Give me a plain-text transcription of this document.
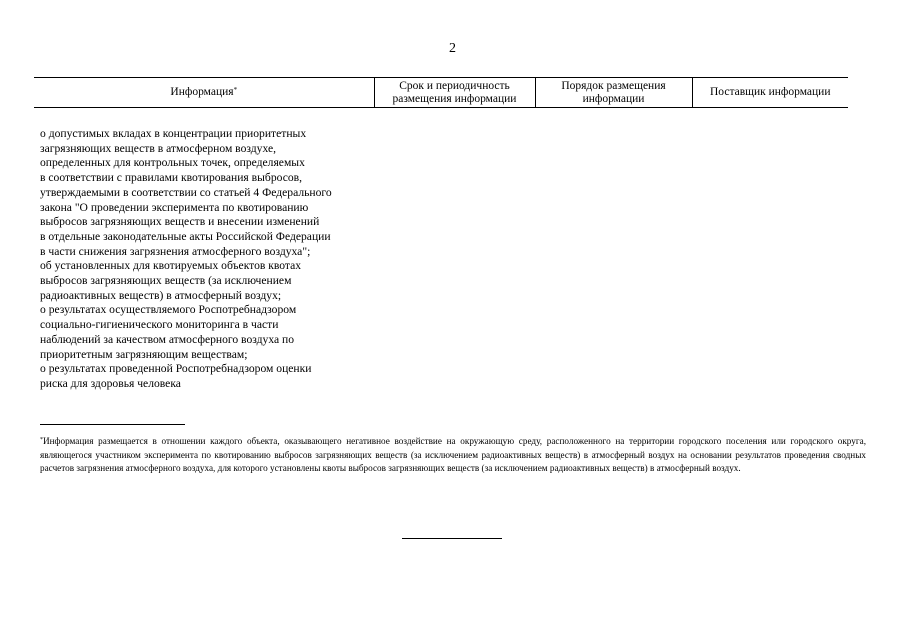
2
Информация*	Срок и периодичность размещения информации	Порядок размещения информации	Поставщик информации
о допустимых вкладах в концентрации приоритетных
загрязняющих веществ в атмосферном воздухе,
определенных для контрольных точек, определяемых
в соответствии с правилами квотирования выбросов,
утверждаемыми в соответствии со статьей 4 Федерального
закона "О проведении эксперимента по квотированию
выбросов загрязняющих веществ и внесении изменений
в отдельные законодательные акты Российской Федерации
в части снижения загрязнения атмосферного воздуха";
об установленных для квотируемых объектов квотах
выбросов загрязняющих веществ (за исключением
радиоактивных веществ) в атмосферный воздух;
о результатах осуществляемого Роспотребнадзором
социально-гигиенического мониторинга в части
наблюдений за качеством атмосферного воздуха по
приоритетным загрязняющим веществам;
о результатах проведенной Роспотребнадзором оценки
риска для здоровья человека
*Информация размещается в отношении каждого объекта, оказывающего негативное воздействие на окружающую среду, расположенного на территории городского поселения или городского округа, являющегося участником эксперимента по квотированию выбросов загрязняющих веществ (за исключением радиоактивных веществ) в атмосферный воздух на основании результатов проведения сводных расчетов загрязнения атмосферного воздуха, для которого установлены квоты выбросов загрязняющих веществ (за исключением радиоактивных веществ) в атмосферный воздух.
